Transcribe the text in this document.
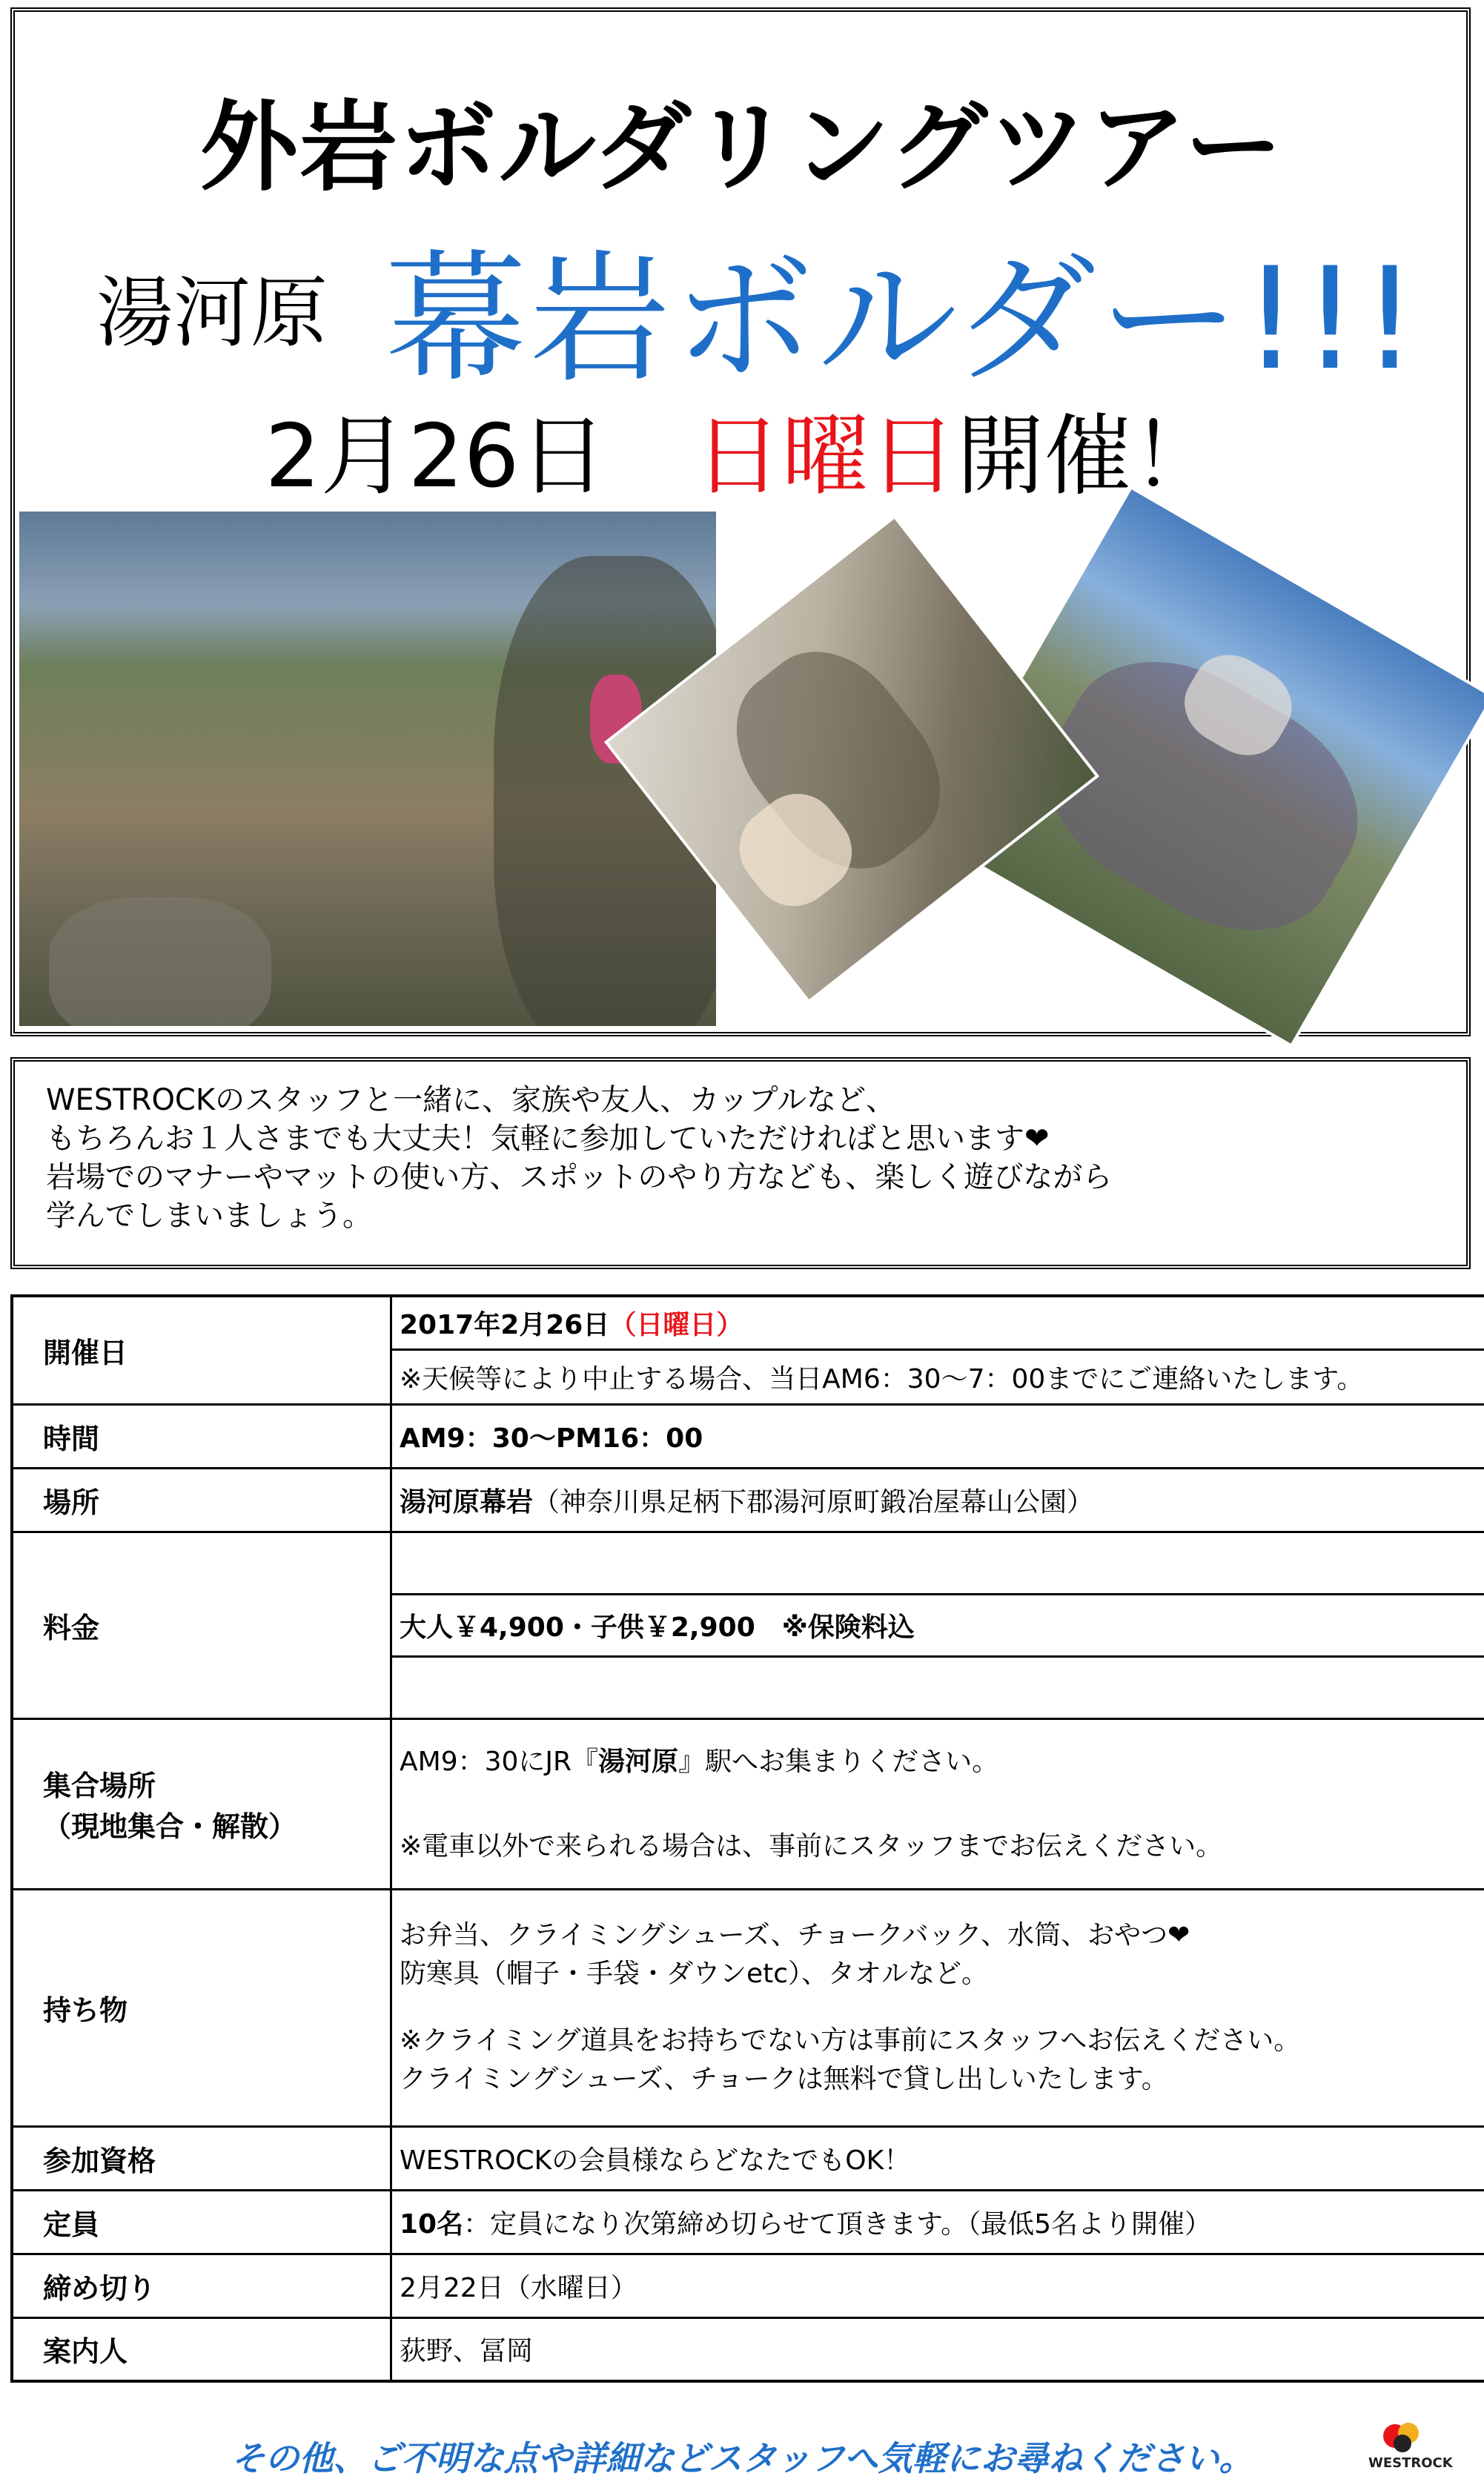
外岩ボルダリングツアー
湯河原 幕岩ボルダー!!!
2月26日　日曜日開催！
WESTROCKのスタッフと一緒に、家族や友人、カップルなど、
もちろんお１人さまでも大丈夫！気軽に参加していただければと思います❤
岩場でのマナーやマットの使い方、スポットのやり方なども、楽しく遊びながら
学んでしまいましょう。
開催日	2017年2月26日（日曜日）
	※天候等により中止する場合、当日AM6：30〜7：00までにご連絡いたします。
時間	AM9：30〜PM16：00
場所	湯河原幕岩（神奈川県足柄下郡湯河原町鍛冶屋幕山公園）
料金	
	大人￥4,900・子供￥2,900　※保険料込

集合場所
（現地集合・解散）	AM9：30にJR『湯河原』駅へお集まりください。
	※電車以外で来られる場合は、事前にスタッフまでお伝えください。
持ち物	お弁当、クライミングシューズ、チョークバック、水筒、おやつ❤
防寒具（帽子・手袋・ダウンetc）、タオルなど。
※クライミング道具をお持ちでない方は事前にスタッフへお伝えください。
クライミングシューズ、チョークは無料で貸し出しいたします。

参加資格	WESTROCKの会員様ならどなたでもOK！
定員	10名：定員になり次第締め切らせて頂きます。（最低5名より開催）
締め切り	2月22日（水曜日）
案内人	荻野、冨岡
その他、ご不明な点や詳細などスタッフへ気軽にお尋ねください。	WESTROCK
